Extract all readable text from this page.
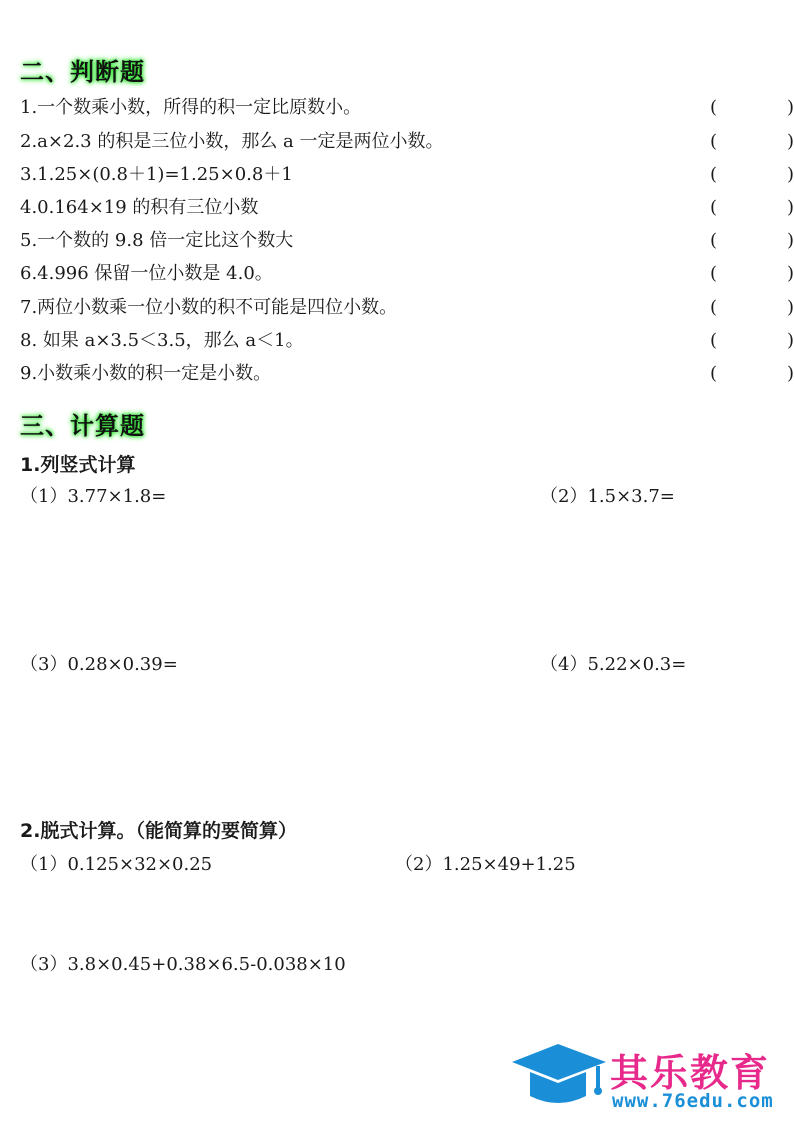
二、判断题
1.一个数乘小数，所得的积一定比原数小。	(	)
2.a×2.3 的积是三位小数，那么 a 一定是两位小数。	(	)
3.1.25×(0.8＋1)=1.25×0.8＋1	(	)
4.0.164×19 的积有三位小数	(	)
5.一个数的 9.8 倍一定比这个数大	(	)
6.4.996 保留一位小数是 4.0。	(	)
7.两位小数乘一位小数的积不可能是四位小数。	(	)
8. 如果 a×3.5＜3.5，那么 a＜1。	(	)
9.小数乘小数的积一定是小数。	(	)
三、计算题
1.列竖式计算
（1）3.77×1.8=	（2）1.5×3.7=
（3）0.28×0.39=	（4）5.22×0.3=
2.脱式计算。（能简算的要简算）
（1）0.125×32×0.25	（2）1.25×49+1.25
（3）3.8×0.45+0.38×6.5-0.038×10
其乐教育
www.76edu.com
